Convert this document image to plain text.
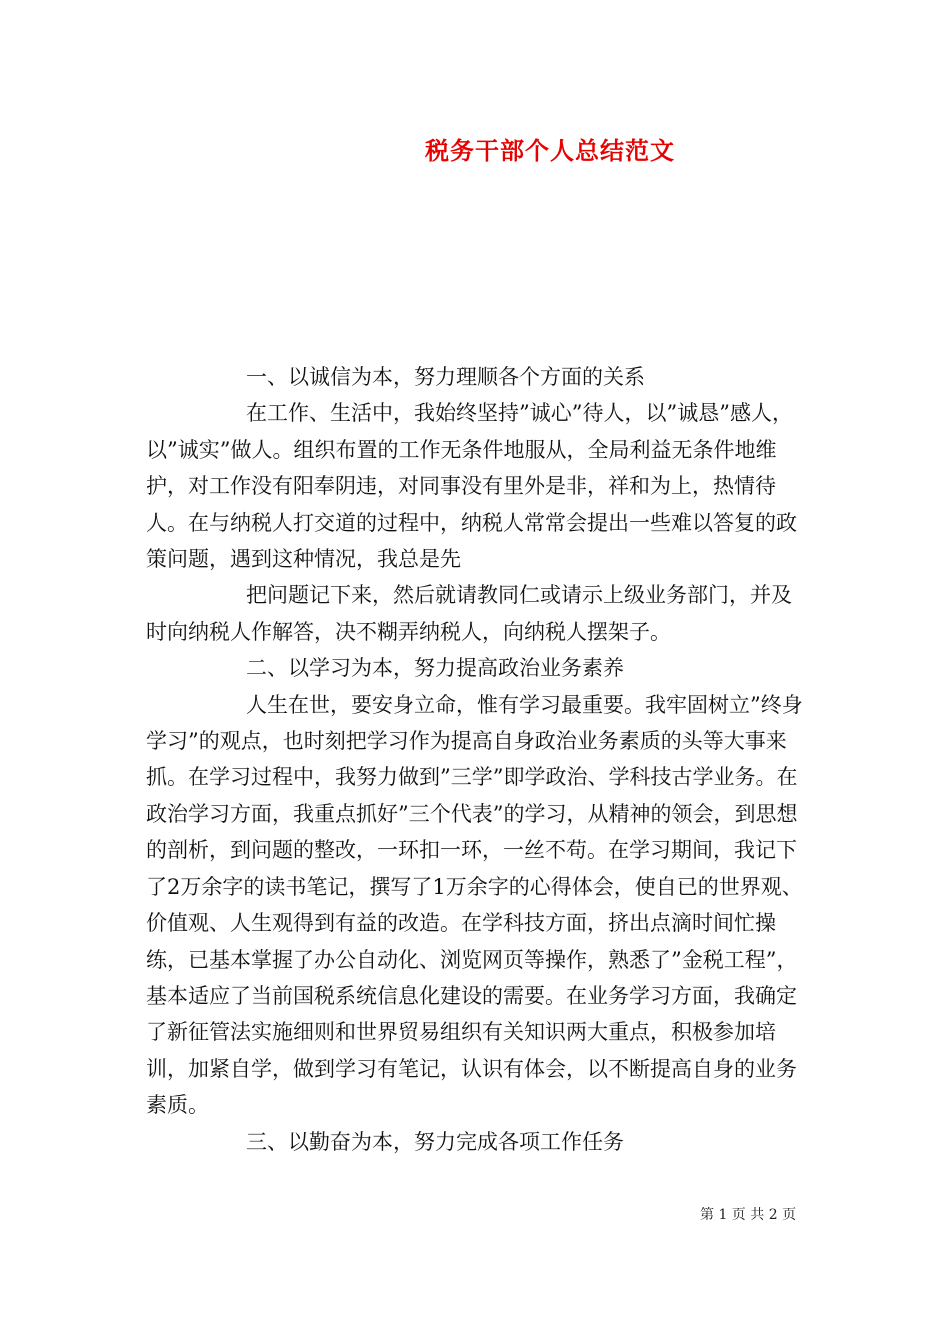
税务干部个人总结范文

一、以诚信为本，努力理顺各个方面的关系

在工作、生活中，我始终坚持”诚心”待人，以”诚恳”感人，以”诚实”做人。组织布置的工作无条件地服从，全局利益无条件地维护，对工作没有阳奉阴违，对同事没有里外是非，祥和为上，热情待人。在与纳税人打交道的过程中，纳税人常常会提出一些难以答复的政策问题，遇到这种情况，我总是先

把问题记下来，然后就请教同仁或请示上级业务部门，并及时向纳税人作解答，决不糊弄纳税人，向纳税人摆架子。

二、以学习为本，努力提高政治业务素养

人生在世，要安身立命，惟有学习最重要。我牢固树立”终身学习”的观点，也时刻把学习作为提高自身政治业务素质的头等大事来抓。在学习过程中，我努力做到”三学”即学政治、学科技古学业务。在政治学习方面，我重点抓好”三个代表”的学习，从精神的领会，到思想的剖析，到问题的整改，一环扣一环，一丝不苟。在学习期间，我记下了2万余字的读书笔记，撰写了1万余字的心得体会，使自已的世界观、价值观、人生观得到有益的改造。在学科技方面，挤出点滴时间忙操练，已基本掌握了办公自动化、浏览网页等操作，熟悉了”金税工程”，基本适应了当前国税系统信息化建设的需要。在业务学习方面，我确定了新征管法实施细则和世界贸易组织有关知识两大重点，积极参加培训，加紧自学，做到学习有笔记，认识有体会，以不断提高自身的业务素质。

三、以勤奋为本，努力完成各项工作任务

第 1 页 共 2 页
